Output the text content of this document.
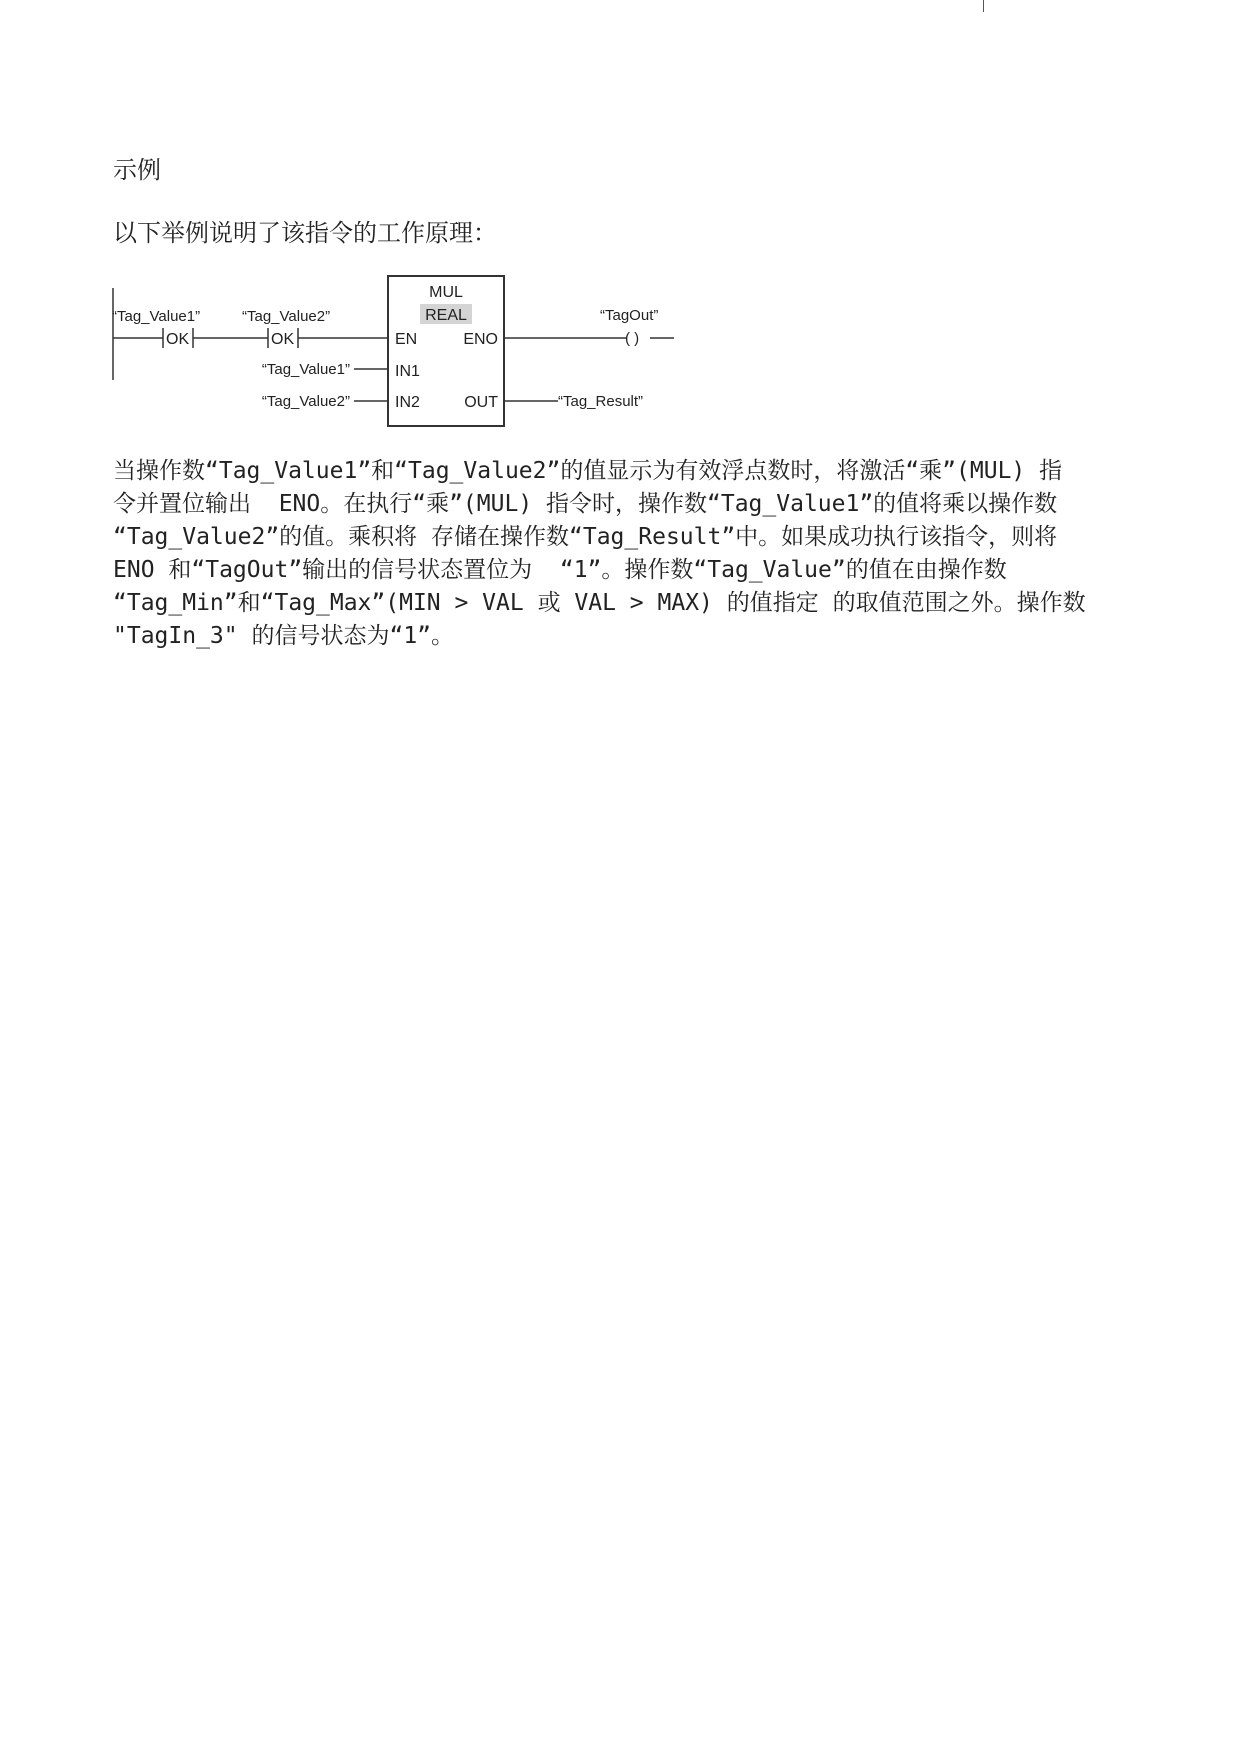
示例
以下举例说明了该指令的工作原理：
OK
“Tag_Value1”
OK
“Tag_Value2”
MUL
REAL
EN	ENO
IN1
IN2	OUT
“Tag_Value1”
“Tag_Value2”
( )
“TagOut”
“Tag_Result”
当操作数“Tag_Value1”和“Tag_Value2”的值显示为有效浮点数时，将激活“乘”(MUL) 指
令并置位输出  ENO。在执行“乘”(MUL) 指令时，操作数“Tag_Value1”的值将乘以操作数
“Tag_Value2”的值。乘积将 存储在操作数“Tag_Result”中。如果成功执行该指令，则将
ENO 和“TagOut”输出的信号状态置位为  “1”。操作数“Tag_Value”的值在由操作数
“Tag_Min”和“Tag_Max”(MIN > VAL 或 VAL > MAX) 的值指定 的取值范围之外。操作数
"TagIn_3" 的信号状态为“1”。
